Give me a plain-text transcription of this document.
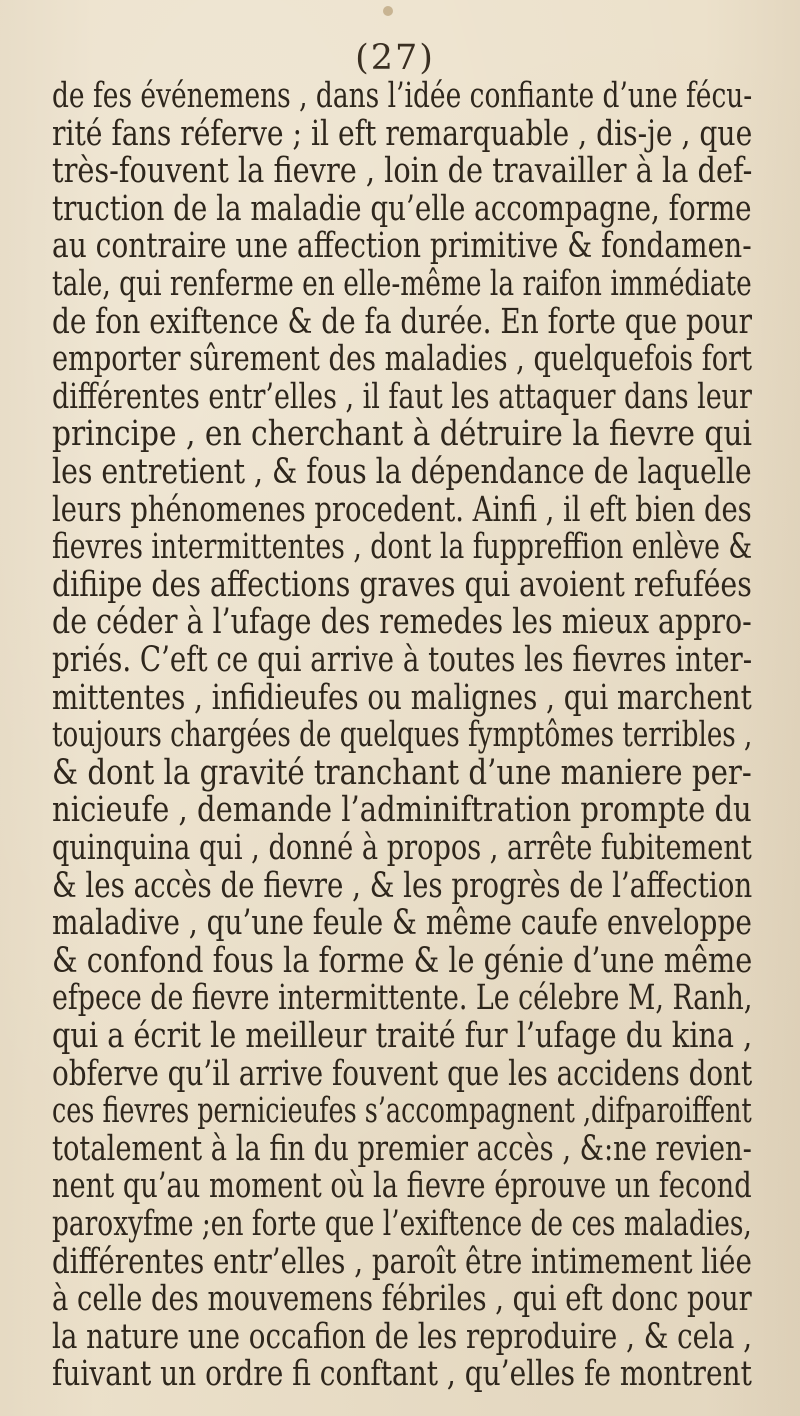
(27)
de fes événemens , dans l’idée confiante d’une fécu-
rité fans réferve ; il eft remarquable , dis-je , que
très-fouvent la fievre , loin de travailler à la def-
truction de la maladie qu’elle accompagne, forme
au contraire une affection primitive & fondamen-
tale, qui renferme en elle-même la raifon immédiate
de fon exiftence & de fa durée. En forte que pour
emporter sûrement des maladies , quelquefois fort
différentes entr’elles , il faut les attaquer dans leur
principe , en cherchant à détruire la fievre qui
les entretient , & fous la dépendance de laquelle
leurs phénomenes procedent. Ainfi , il eft bien des
fievres intermittentes , dont la fuppreffion enlève &
difiipe des affections graves qui avoient refufées
de céder à l’ufage des remedes les mieux appro-
priés. C’eft ce qui arrive à toutes les fievres inter-
mittentes , infidieufes ou malignes , qui marchent
toujours chargées de quelques fymptômes terribles ,
& dont la gravité tranchant d’une maniere per-
nicieufe , demande l’adminiftration prompte du
quinquina qui , donné à propos , arrête fubitement
& les accès de fievre , & les progrès de l’affection
maladive , qu’une feule & même caufe enveloppe
& confond fous la forme & le génie d’une même
efpece de fievre intermittente. Le célebre M, Ranh,
qui a écrit le meilleur traité fur l’ufage du kina ,
obferve qu’il arrive fouvent que les accidens dont
ces fievres pernicieufes s’accompagnent ,difparoiffent
totalement à la fin du premier accès , &:ne revien-
nent qu’au moment où la fievre éprouve un fecond
paroxyfme ;en forte que l’exiftence de ces maladies,
différentes entr’elles , paroît être intimement liée
à celle des mouvemens fébriles , qui eft donc pour
la nature une occafion de les reproduire , & cela ,
fuivant un ordre fi conftant , qu’elles fe montrent
